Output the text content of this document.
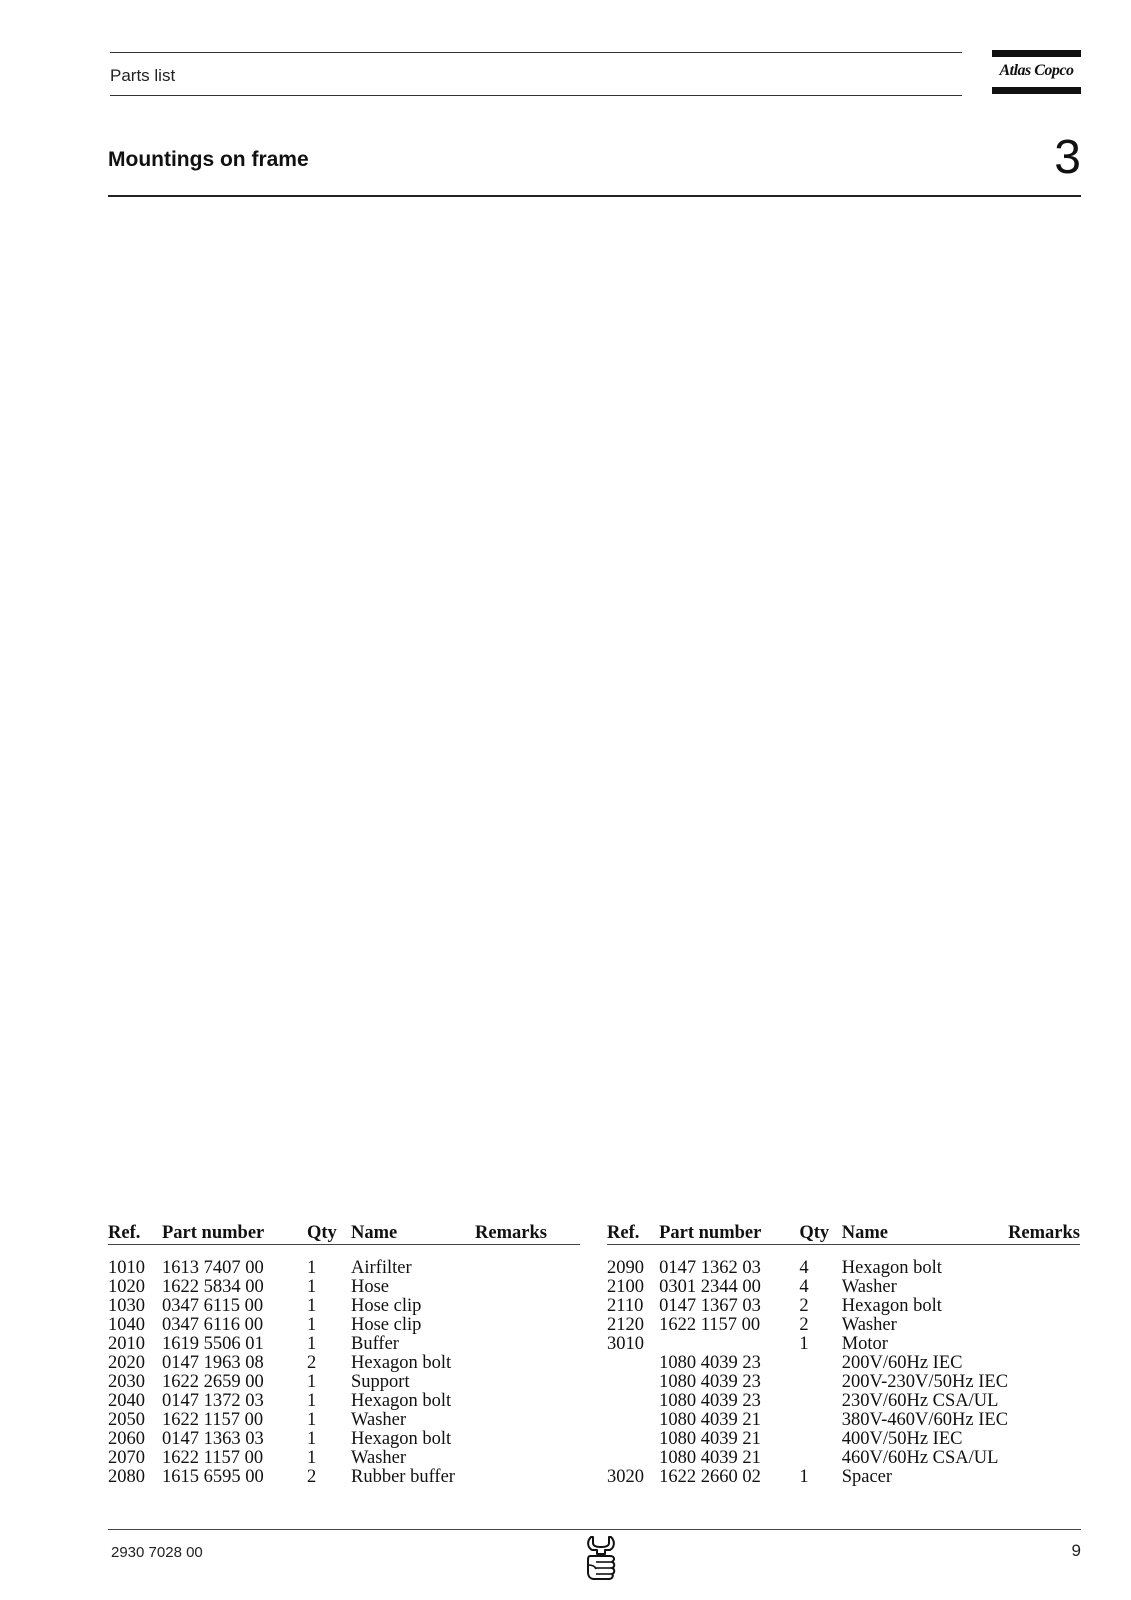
Parts list	Atlas Copco
Mountings on frame	3
Ref.	Part number	Qty	Name	Remarks

1010	1613 7407 00	1	Airfilter	
1020	1622 5834 00	1	Hose	
1030	0347 6115 00	1	Hose clip	
1040	0347 6116 00	1	Hose clip	
2010	1619 5506 01	1	Buffer	
2020	0147 1963 08	2	Hexagon bolt	
2030	1622 2659 00	1	Support	
2040	0147 1372 03	1	Hexagon bolt	
2050	1622 1157 00	1	Washer	
2060	0147 1363 03	1	Hexagon bolt	
2070	1622 1157 00	1	Washer	
2080	1615 6595 00	2	Rubber buffer	
Ref.	Part number	Qty	Name	Remarks

2090	0147 1362 03	4	Hexagon bolt	
2100	0301 2344 00	4	Washer	
2110	0147 1367 03	2	Hexagon bolt	
2120	1622 1157 00	2	Washer	
3010		1	Motor	
	1080 4039 23		200V/60Hz IEC	
	1080 4039 23		200V-230V/50Hz IEC	
	1080 4039 23		230V/60Hz CSA/UL	
	1080 4039 21		380V-460V/60Hz IEC	
	1080 4039 21		400V/50Hz IEC	
	1080 4039 21		460V/60Hz CSA/UL	
3020	1622 2660 02	1	Spacer	
2930 7028 00	9
